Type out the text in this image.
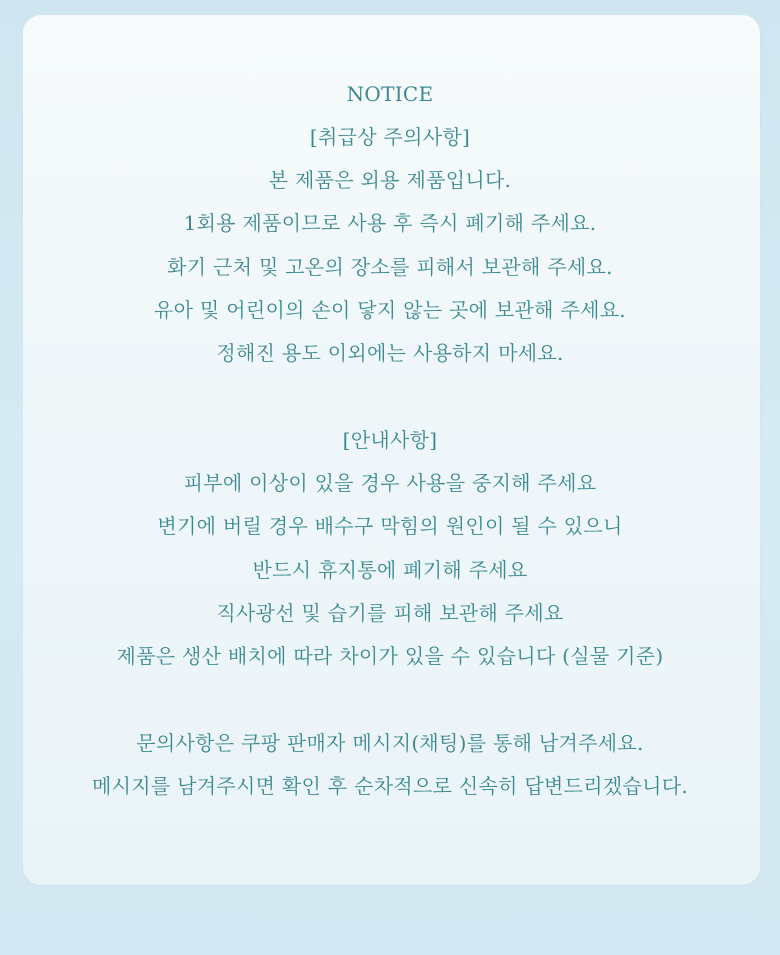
NOTICE
[취급상 주의사항]
본 제품은 외용 제품입니다.
1회용 제품이므로 사용 후 즉시 폐기해 주세요.
화기 근처 및 고온의 장소를 피해서 보관해 주세요.
유아 및 어린이의 손이 닿지 않는 곳에 보관해 주세요.
정해진 용도 이외에는 사용하지 마세요.
[안내사항]
피부에 이상이 있을 경우 사용을 중지해 주세요
변기에 버릴 경우 배수구 막힘의 원인이 될 수 있으니
반드시 휴지통에 폐기해 주세요
직사광선 및 습기를 피해 보관해 주세요
제품은 생산 배치에 따라 차이가 있을 수 있습니다 (실물 기준)
문의사항은 쿠팡 판매자 메시지(채팅)를 통해 남겨주세요.
메시지를 남겨주시면 확인 후 순차적으로 신속히 답변드리겠습니다.
